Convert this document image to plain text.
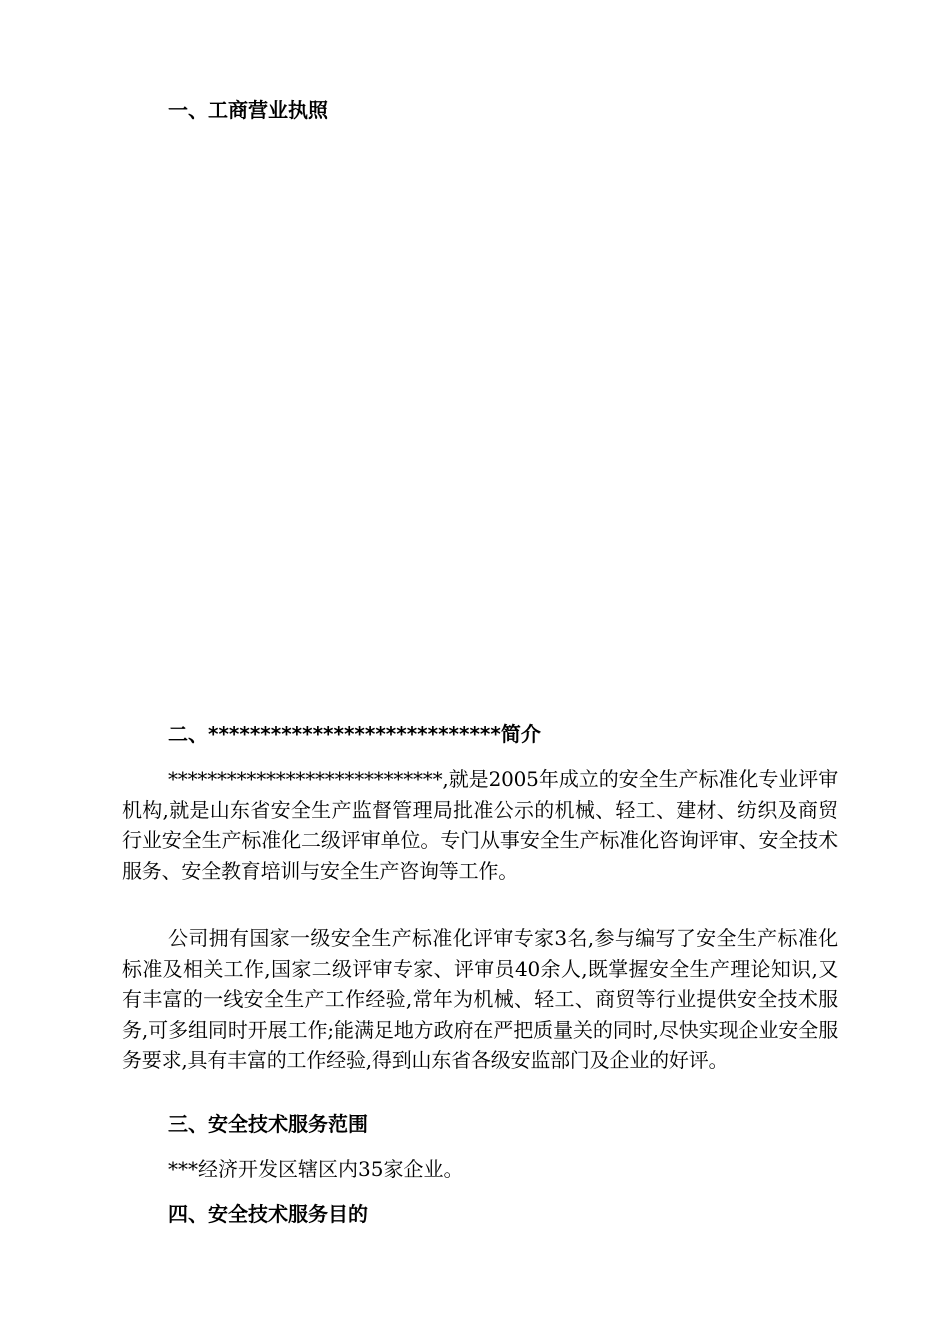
一、工商营业执照
二、****************************简介

****************************,就是2005年成立的安全生产标准化专业评审机构,就是山东省安全生产监督管理局批准公示的机械、轻工、建材、纺织及商贸行业安全生产标准化二级评审单位。专门从事安全生产标准化咨询评审、安全技术服务、安全教育培训与安全生产咨询等工作。

公司拥有国家一级安全生产标准化评审专家3名,参与编写了安全生产标准化标准及相关工作,国家二级评审专家、评审员40余人,既掌握安全生产理论知识,又有丰富的一线安全生产工作经验,常年为机械、轻工、商贸等行业提供安全技术服务,可多组同时开展工作;能满足地方政府在严把质量关的同时,尽快实现企业安全服务要求,具有丰富的工作经验,得到山东省各级安监部门及企业的好评。

三、安全技术服务范围
***经济开发区辖区内35家企业。
四、安全技术服务目的
